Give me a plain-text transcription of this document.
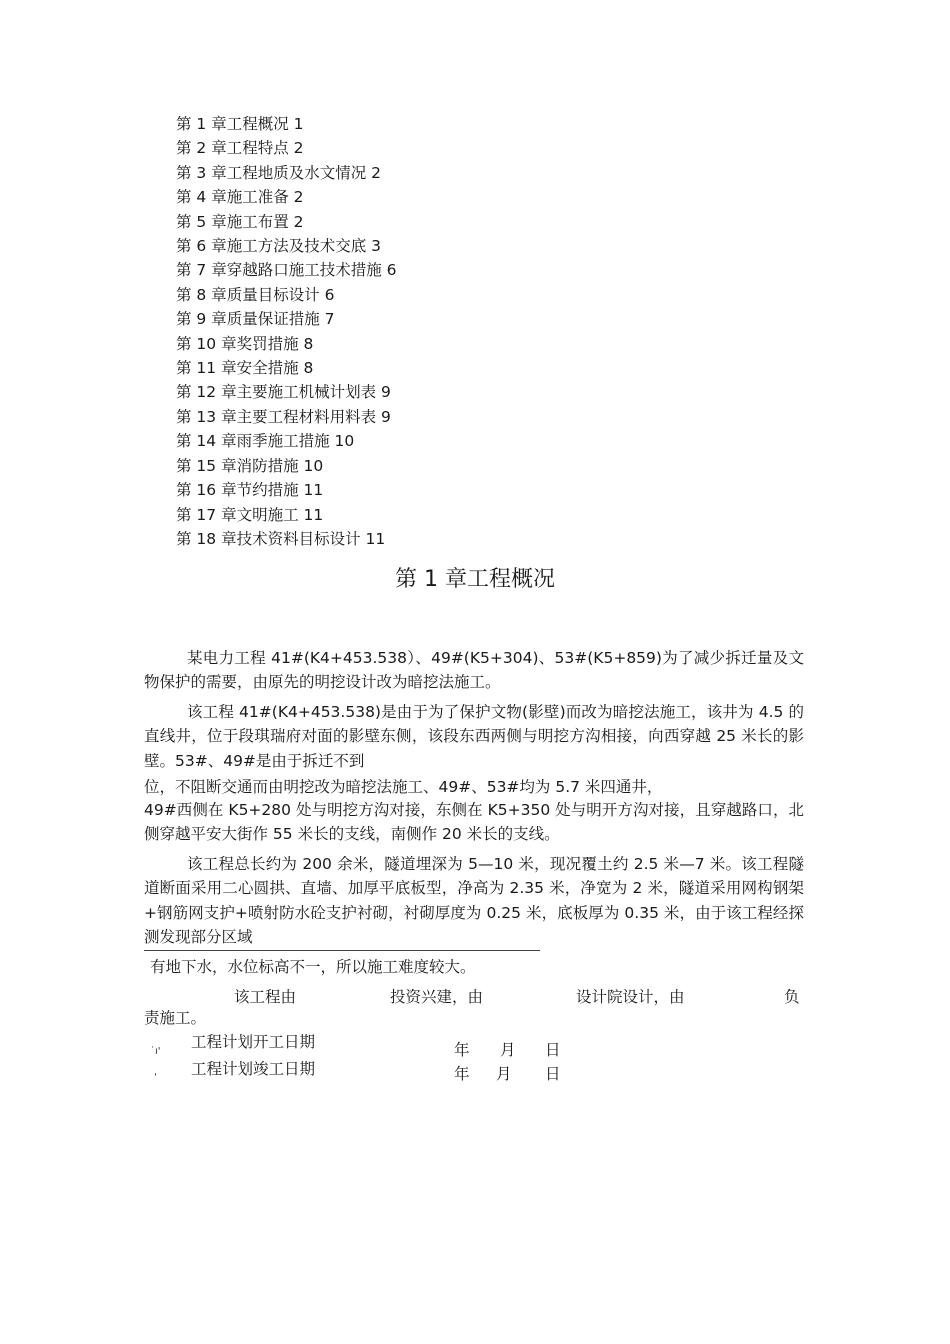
第 1 章工程概况 1
第 2 章工程特点 2
第 3 章工程地质及水文情况 2
第 4 章施工准备 2
第 5 章施工布置 2
第 6 章施工方法及技术交底 3
第 7 章穿越路口施工技术措施 6
第 8 章质量目标设计 6
第 9 章质量保证措施 7
第 10 章奖罚措施 8
第 11 章安全措施 8
第 12 章主要施工机械计划表 9
第 13 章主要工程材料用料表 9
第 14 章雨季施工措施 10
第 15 章消防措施 10
第 16 章节约措施 11
第 17 章文明施工 11
第 18 章技术资料目标设计 11
第 1 章工程概况
某电力工程 41#(K4+453.538）、49#(K5+304)、53#(K5+859)为了减少拆迁量及文物保护的需要，由原先的明挖设计改为暗挖法施工。
该工程 41#(K4+453.538)是由于为了保护文物(影壁)而改为暗挖法施工，该井为 4.5 的直线井，位于段琪瑞府对面的影壁东侧，该段东西两侧与明挖方沟相接，向西穿越 25 米长的影壁。53#、49#是由于拆迁不到
位，不阻断交通而由明挖改为暗挖法施工、49#、53#均为 5.7 米四通井，
49#西侧在 K5+280 处与明挖方沟对接，东侧在 K5+350 处与明开方沟对接，且穿越路口，北侧穿越平安大街作 55 米长的支线，南侧作 20 米长的支线。
该工程总长约为 200 余米，隧道埋深为 5—10 米，现况覆土约 2.5 米—7 米。该工程隧道断面采用二心圆拱、直墙、加厚平底板型，净高为 2.35 米，净宽为 2 米，隧道采用网构钢架+钢筋网支护+喷射防水砼支护衬砌，衬砌厚度为 0.25 米，底板厚为 0.35 米，由于该工程经探测发现部分区域
有地下水，水位标高不一，所以施工难度较大。
该工程由	投资兴建，由	设计院设计，由	负
责施工。
˙ı'
工程计划开工日期	年 月 日
' 工程计划竣工日期	年 月 日
